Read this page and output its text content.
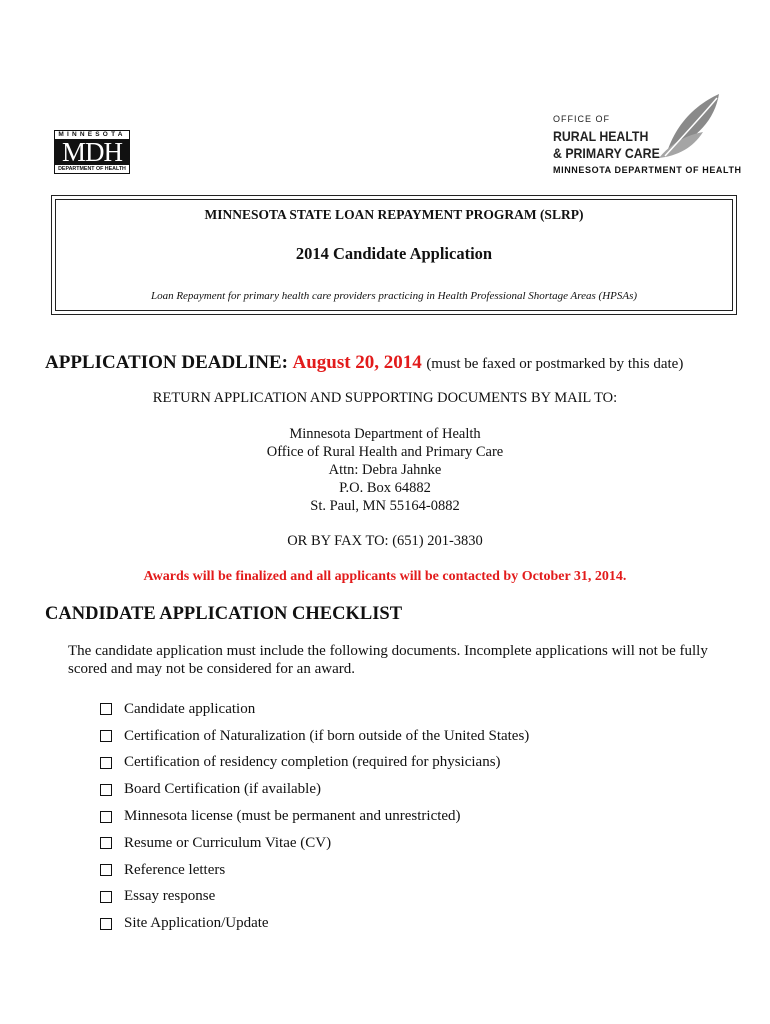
MINNESOTA
MDH
DEPARTMENT OF HEALTH
OFFICE OF
RURAL HEALTH
& PRIMARY CARE
MINNESOTA DEPARTMENT OF HEALTH
MINNESOTA STATE LOAN REPAYMENT PROGRAM (SLRP)
2014 Candidate Application
Loan Repayment for primary health care providers practicing in Health Professional Shortage Areas (HPSAs)
APPLICATION DEADLINE: August 20, 2014 (must be faxed or postmarked by this date)
RETURN APPLICATION AND SUPPORTING DOCUMENTS BY MAIL TO:
Minnesota Department of Health
Office of Rural Health and Primary Care
Attn: Debra Jahnke
P.O. Box 64882
St. Paul, MN 55164-0882
OR BY FAX TO: (651) 201-3830
Awards will be finalized and all applicants will be contacted by October 31, 2014.
CANDIDATE APPLICATION CHECKLIST
The candidate application must include the following documents. Incomplete applications will not be fully scored and may not be considered for an award.
Candidate application
Certification of Naturalization (if born outside of the United States)
Certification of residency completion (required for physicians)
Board Certification (if available)
Minnesota license (must be permanent and unrestricted)
Resume or Curriculum Vitae (CV)
Reference letters
Essay response
Site Application/Update
